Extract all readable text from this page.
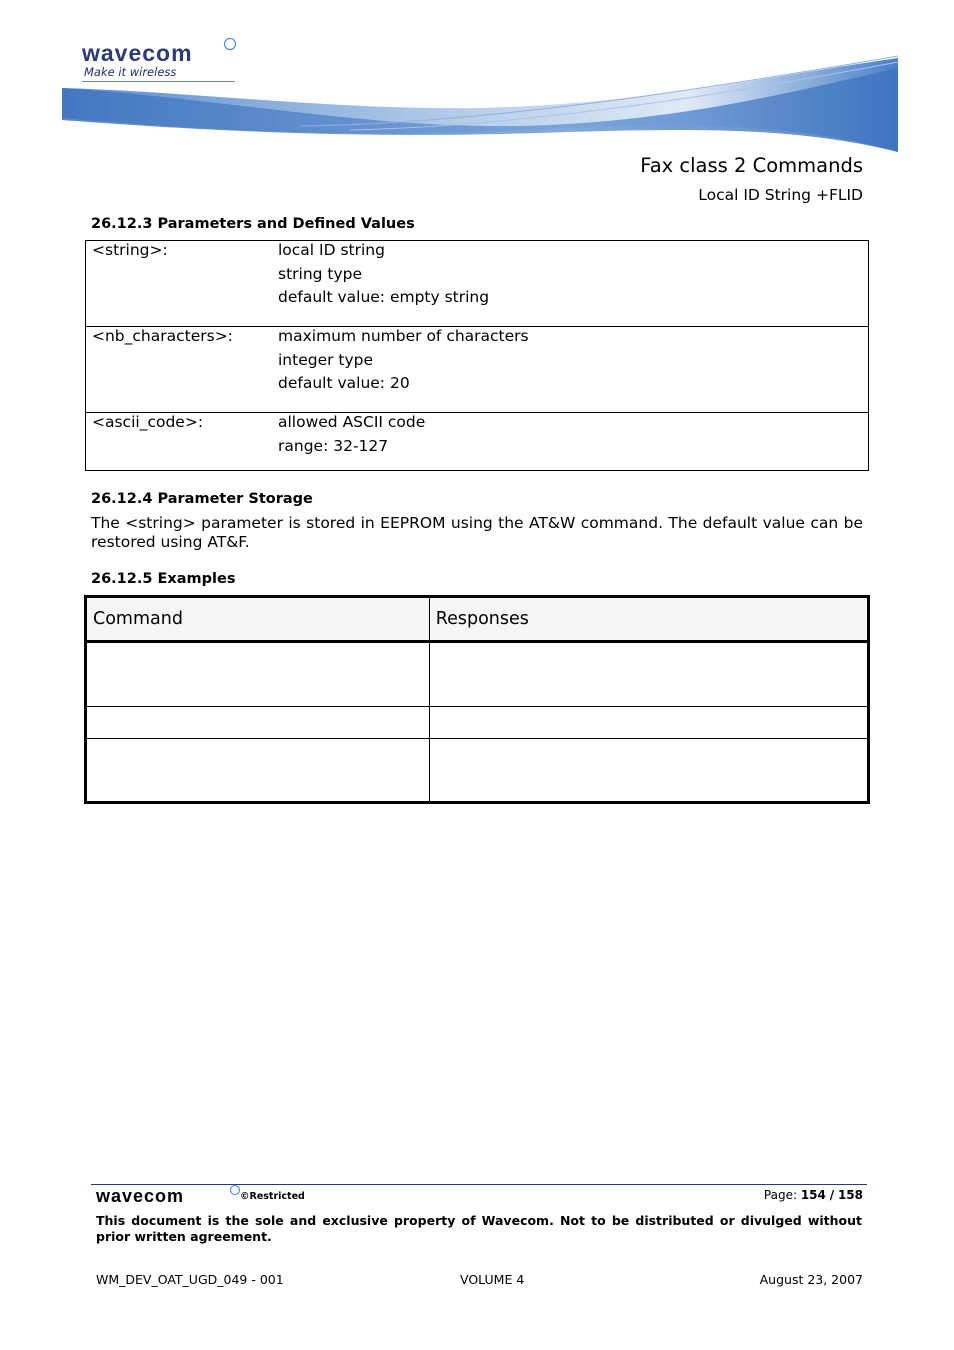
wavecom
Make it wireless
Fax class 2 Commands
Local ID String +FLID
26.12.3 Parameters and Defined Values
<string>:	local ID string
string type
default value: empty string
<nb_characters>:	maximum number of characters
integer type
default value: 20
<ascii_code>:	allowed ASCII code
range: 32-127
26.12.4 Parameter Storage
The <string> parameter is stored in EEPROM using the AT&W command. The default value can be restored using AT&F.
26.12.5 Examples
Command	Responses

wavecom	©Restricted	Page: 154 / 158
This document is the sole and exclusive property of Wavecom. Not to be distributed or divulged without prior written agreement.
WM_DEV_OAT_UGD_049 - 001	VOLUME 4	August 23, 2007
